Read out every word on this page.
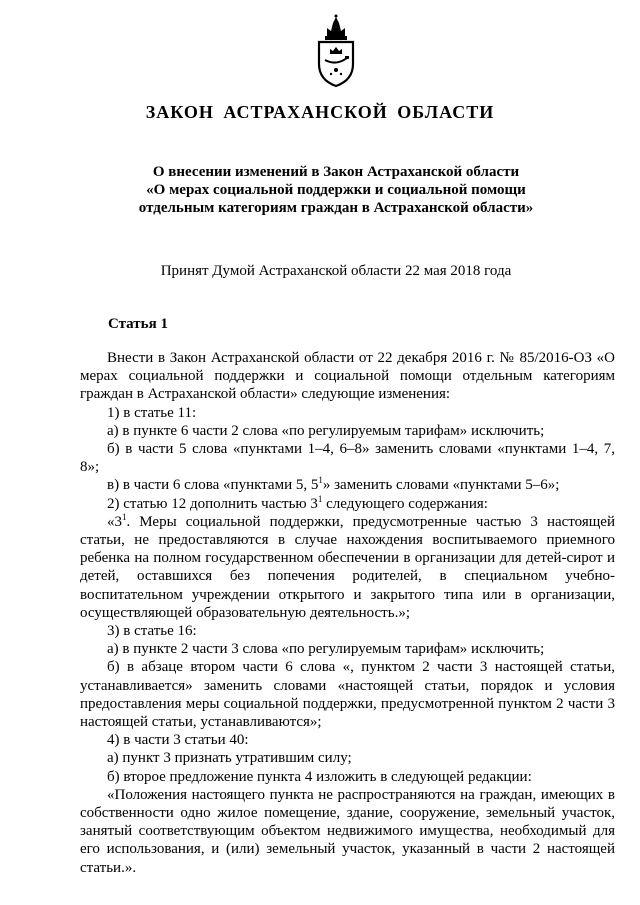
ЗАКОН АСТРАХАНСКОЙ ОБЛАСТИ
О внесении изменений в Закон Астраханской области
«О мерах социальной поддержки и социальной помощи
отдельным категориям граждан в Астраханской области»
Принят Думой Астраханской области 22 мая 2018 года
Статья 1

Внести в Закон Астраханской области от 22 декабря 2016 г. № 85/2016-ОЗ «О мерах социальной поддержки и социальной помощи отдельным категориям граждан в Астраханской области» следующие изменения:

1) в статье 11:

а) в пункте 6 части 2 слова «по регулируемым тарифам» исключить;

б) в части 5 слова «пунктами 1–4, 6–8» заменить словами «пунктами 1–4, 7, 8»;

в) в части 6 слова «пунктами 5, $5^1$» заменить словами «пунктами 5–6»;

2) статью 12 дополнить частью $3^1$ следующего содержания:

«$3^1$. Меры социальной поддержки, предусмотренные частью 3 настоящей статьи, не предоставляются в случае нахождения воспитываемого приемного ребенка на полном государственном обеспечении в организации для детей-сирот и детей, оставшихся без попечения родителей, в специальном учебно-воспитательном учреждении открытого и закрытого типа или в организации, осуществляющей образовательную деятельность.»;

3) в статье 16:

а) в пункте 2 части 3 слова «по регулируемым тарифам» исключить;

б) в абзаце втором части 6 слова «, пунктом 2 части 3 настоящей статьи, устанавливается» заменить словами «настоящей статьи, порядок и условия предоставления меры социальной поддержки, предусмотренной пунктом 2 части 3 настоящей статьи, устанавливаются»;

4) в части 3 статьи 40:

а) пункт 3 признать утратившим силу;

б) второе предложение пункта 4 изложить в следующей редакции:

«Положения настоящего пункта не распространяются на граждан, имеющих в собственности одно жилое помещение, здание, сооружение, земельный участок, занятый соответствующим объектом недвижимого имущества, необходимый для его использования, и (или) земельный участок, указанный в части 2 настоящей статьи.».
